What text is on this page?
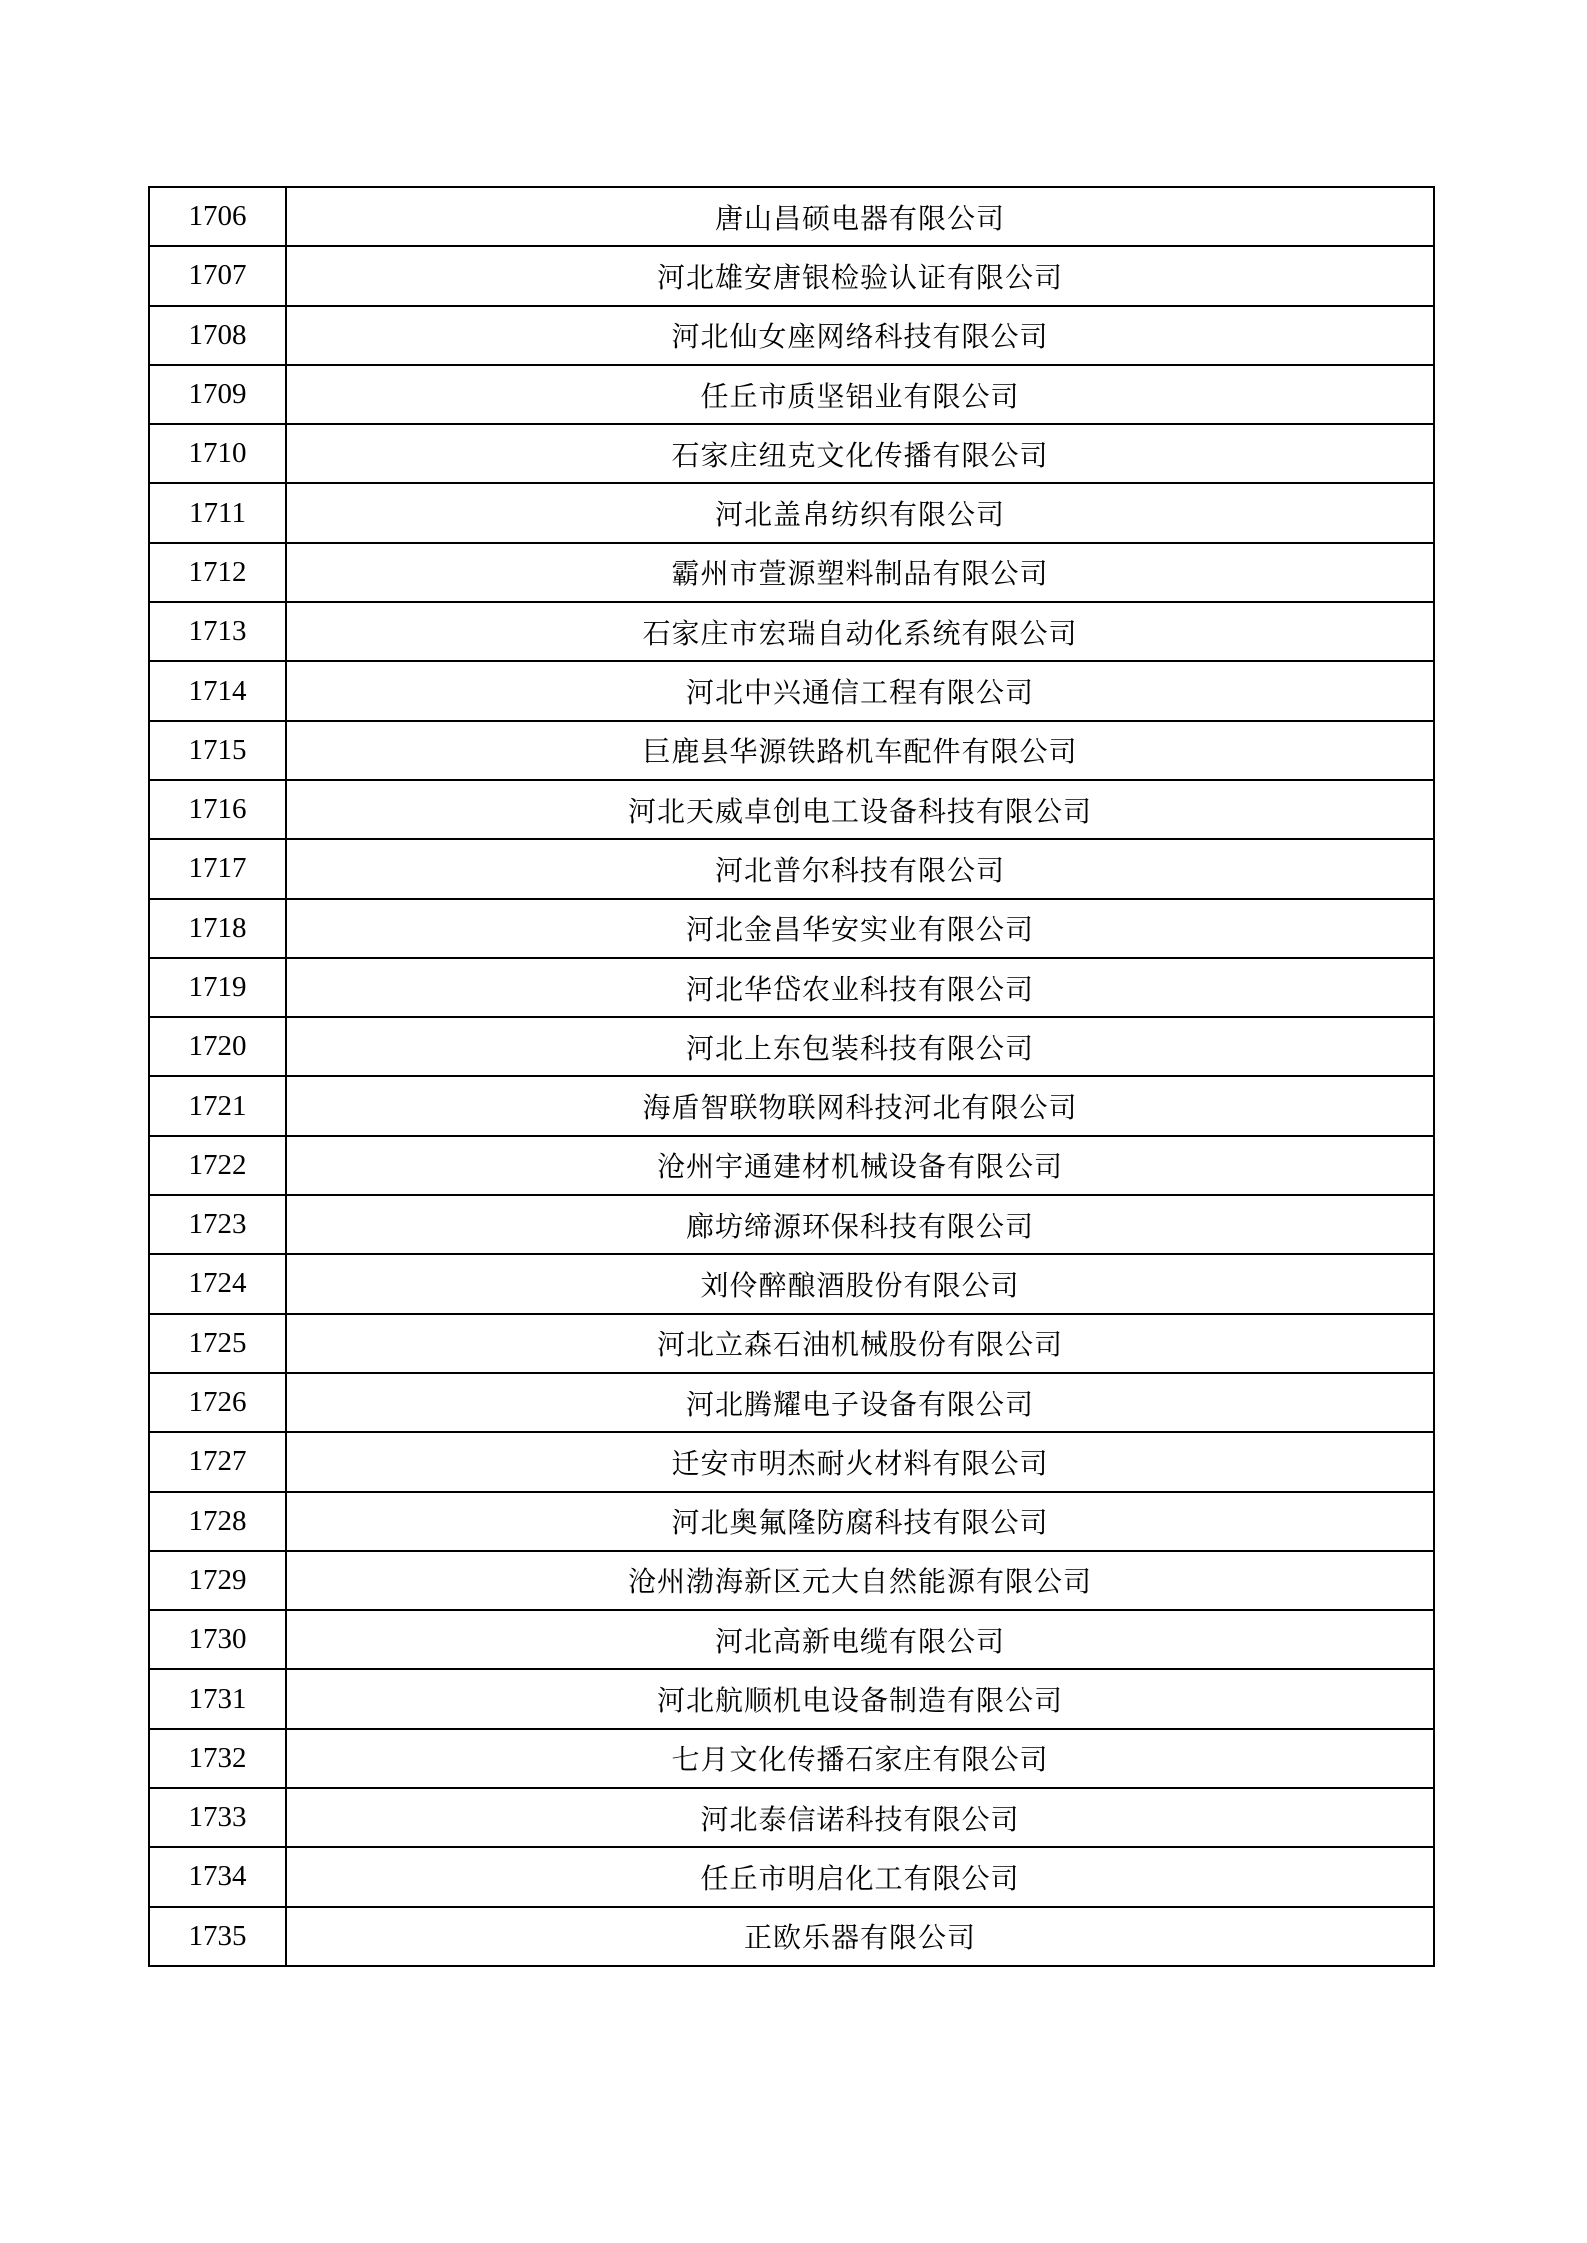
1706	唐山昌硕电器有限公司
1707	河北雄安唐银检验认证有限公司
1708	河北仙女座网络科技有限公司
1709	任丘市质坚铝业有限公司
1710	石家庄纽克文化传播有限公司
1711	河北盖帛纺织有限公司
1712	霸州市萱源塑料制品有限公司
1713	石家庄市宏瑞自动化系统有限公司
1714	河北中兴通信工程有限公司
1715	巨鹿县华源铁路机车配件有限公司
1716	河北天威卓创电工设备科技有限公司
1717	河北普尔科技有限公司
1718	河北金昌华安实业有限公司
1719	河北华岱农业科技有限公司
1720	河北上东包装科技有限公司
1721	海盾智联物联网科技河北有限公司
1722	沧州宇通建材机械设备有限公司
1723	廊坊缔源环保科技有限公司
1724	刘伶醉酿酒股份有限公司
1725	河北立森石油机械股份有限公司
1726	河北腾耀电子设备有限公司
1727	迁安市明杰耐火材料有限公司
1728	河北奥氟隆防腐科技有限公司
1729	沧州渤海新区元大自然能源有限公司
1730	河北高新电缆有限公司
1731	河北航顺机电设备制造有限公司
1732	七月文化传播石家庄有限公司
1733	河北泰信诺科技有限公司
1734	任丘市明启化工有限公司
1735	正欧乐器有限公司
